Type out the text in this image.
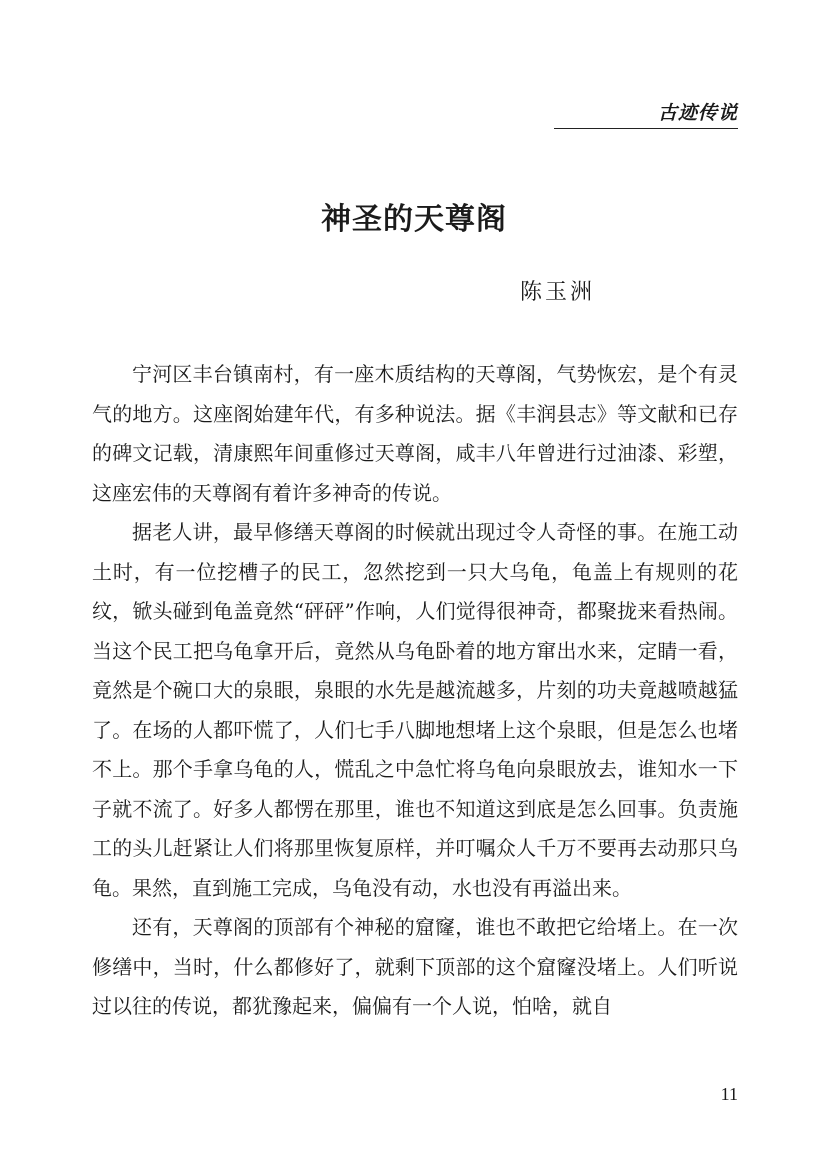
古迹传说
神圣的天尊阁
陈玉洲

宁河区丰台镇南村，有一座木质结构的天尊阁，气势恢宏，是个有灵气的地方。这座阁始建年代，有多种说法。据《丰润县志》等文献和已存的碑文记载，清康熙年间重修过天尊阁，咸丰八年曾进行过油漆、彩塑，这座宏伟的天尊阁有着许多神奇的传说。

据老人讲，最早修缮天尊阁的时候就出现过令人奇怪的事。在施工动土时，有一位挖槽子的民工，忽然挖到一只大乌龟，龟盖上有规则的花纹，锨头碰到龟盖竟然“砰砰”作响，人们觉得很神奇，都聚拢来看热闹。当这个民工把乌龟拿开后，竟然从乌龟卧着的地方窜出水来，定睛一看，竟然是个碗口大的泉眼，泉眼的水先是越流越多，片刻的功夫竟越喷越猛了。在场的人都吓慌了，人们七手八脚地想堵上这个泉眼，但是怎么也堵不上。那个手拿乌龟的人，慌乱之中急忙将乌龟向泉眼放去，谁知水一下子就不流了。好多人都愣在那里，谁也不知道这到底是怎么回事。负责施工的头儿赶紧让人们将那里恢复原样，并叮嘱众人千万不要再去动那只乌龟。果然，直到施工完成，乌龟没有动，水也没有再溢出来。

还有，天尊阁的顶部有个神秘的窟窿，谁也不敢把它给堵上。在一次修缮中，当时，什么都修好了，就剩下顶部的这个窟窿没堵上。人们听说过以往的传说，都犹豫起来，偏偏有一个人说，怕啥，就自

11
